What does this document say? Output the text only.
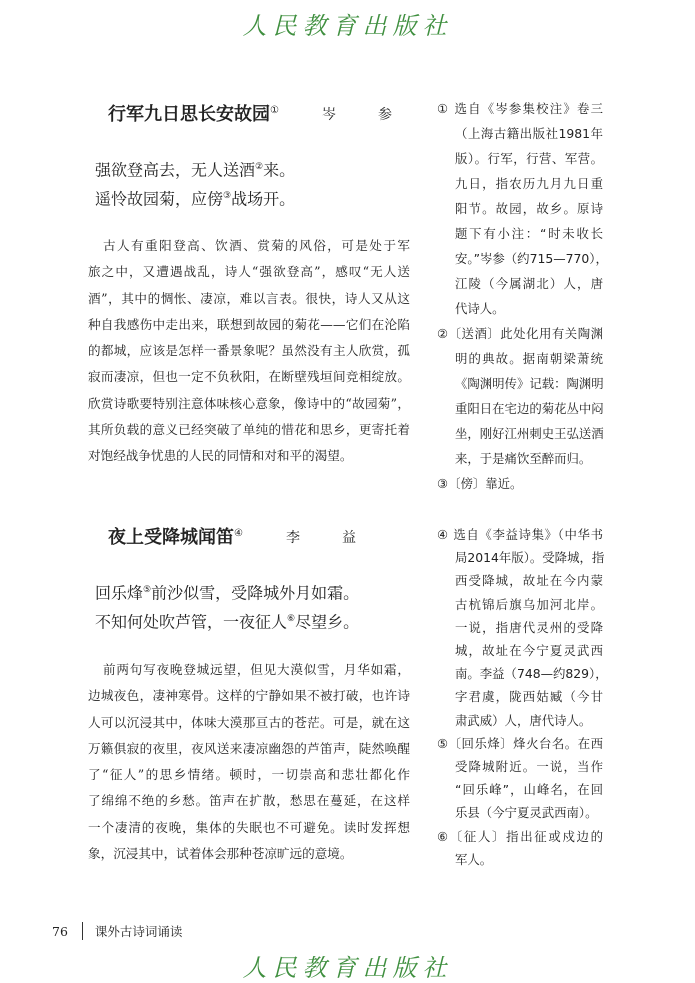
人民教育出版社
行军九日思长安故园①	岑　参
强欲登高去，无人送酒②来。
遥怜故园菊，应傍③战场开。
古人有重阳登高、饮酒、赏菊的风俗，可是处于军
旅之中，又遭遇战乱，诗人“强欲登高”，感叹“无人送
酒”，其中的惆怅、凄凉，难以言表。很快，诗人又从这
种自我感伤中走出来，联想到故园的菊花——它们在沦陷
的都城，应该是怎样一番景象呢？虽然没有主人欣赏，孤
寂而凄凉，但也一定不负秋阳，在断壁残垣间竞相绽放。
欣赏诗歌要特别注意体味核心意象，像诗中的“故园菊”，
其所负载的意义已经突破了单纯的惜花和思乡，更寄托着
对饱经战争忧患的人民的同情和对和平的渴望。
① 选自《岑参集校注》卷三
（上海古籍出版社1981年
版）。行军，行营、军营。
九日，指农历九月九日重
阳节。故园，故乡。原诗
题下有小注：“时未收长
安。”岑参（约715—770），
江陵（今属湖北）人，唐
代诗人。
②〔送酒〕此处化用有关陶渊
明的典故。据南朝梁萧统
《陶渊明传》记载：陶渊明
重阳日在宅边的菊花丛中闷
坐，刚好江州刺史王弘送酒
来，于是痛饮至醉而归。
③〔傍〕靠近。
夜上受降城闻笛④	李　益
回乐烽⑤前沙似雪，受降城外月如霜。
不知何处吹芦管，一夜征人⑥尽望乡。
前两句写夜晚登城远望，但见大漠似雪，月华如霜，
边城夜色，凄神寒骨。这样的宁静如果不被打破，也许诗
人可以沉浸其中，体味大漠那亘古的苍茫。可是，就在这
万籁俱寂的夜里，夜风送来凄凉幽怨的芦笛声，陡然唤醒
了“征人”的思乡情绪。顿时，一切崇高和悲壮都化作
了绵绵不绝的乡愁。笛声在扩散，愁思在蔓延，在这样
一个凄清的夜晚，集体的失眠也不可避免。读时发挥想
象，沉浸其中，试着体会那种苍凉旷远的意境。
④ 选自《李益诗集》（中华书
局2014年版）。受降城，指
西受降城，故址在今内蒙
古杭锦后旗乌加河北岸。
一说，指唐代灵州的受降
城，故址在今宁夏灵武西
南。李益（748—约829），
字君虞，陇西姑臧（今甘
肃武威）人，唐代诗人。
⑤〔回乐烽〕烽火台名。在西
受降城附近。一说，当作
“回乐峰”，山峰名，在回
乐县（今宁夏灵武西南）。
⑥〔征人〕指出征或戍边的
军人。
76 课外古诗词诵读
人民教育出版社
